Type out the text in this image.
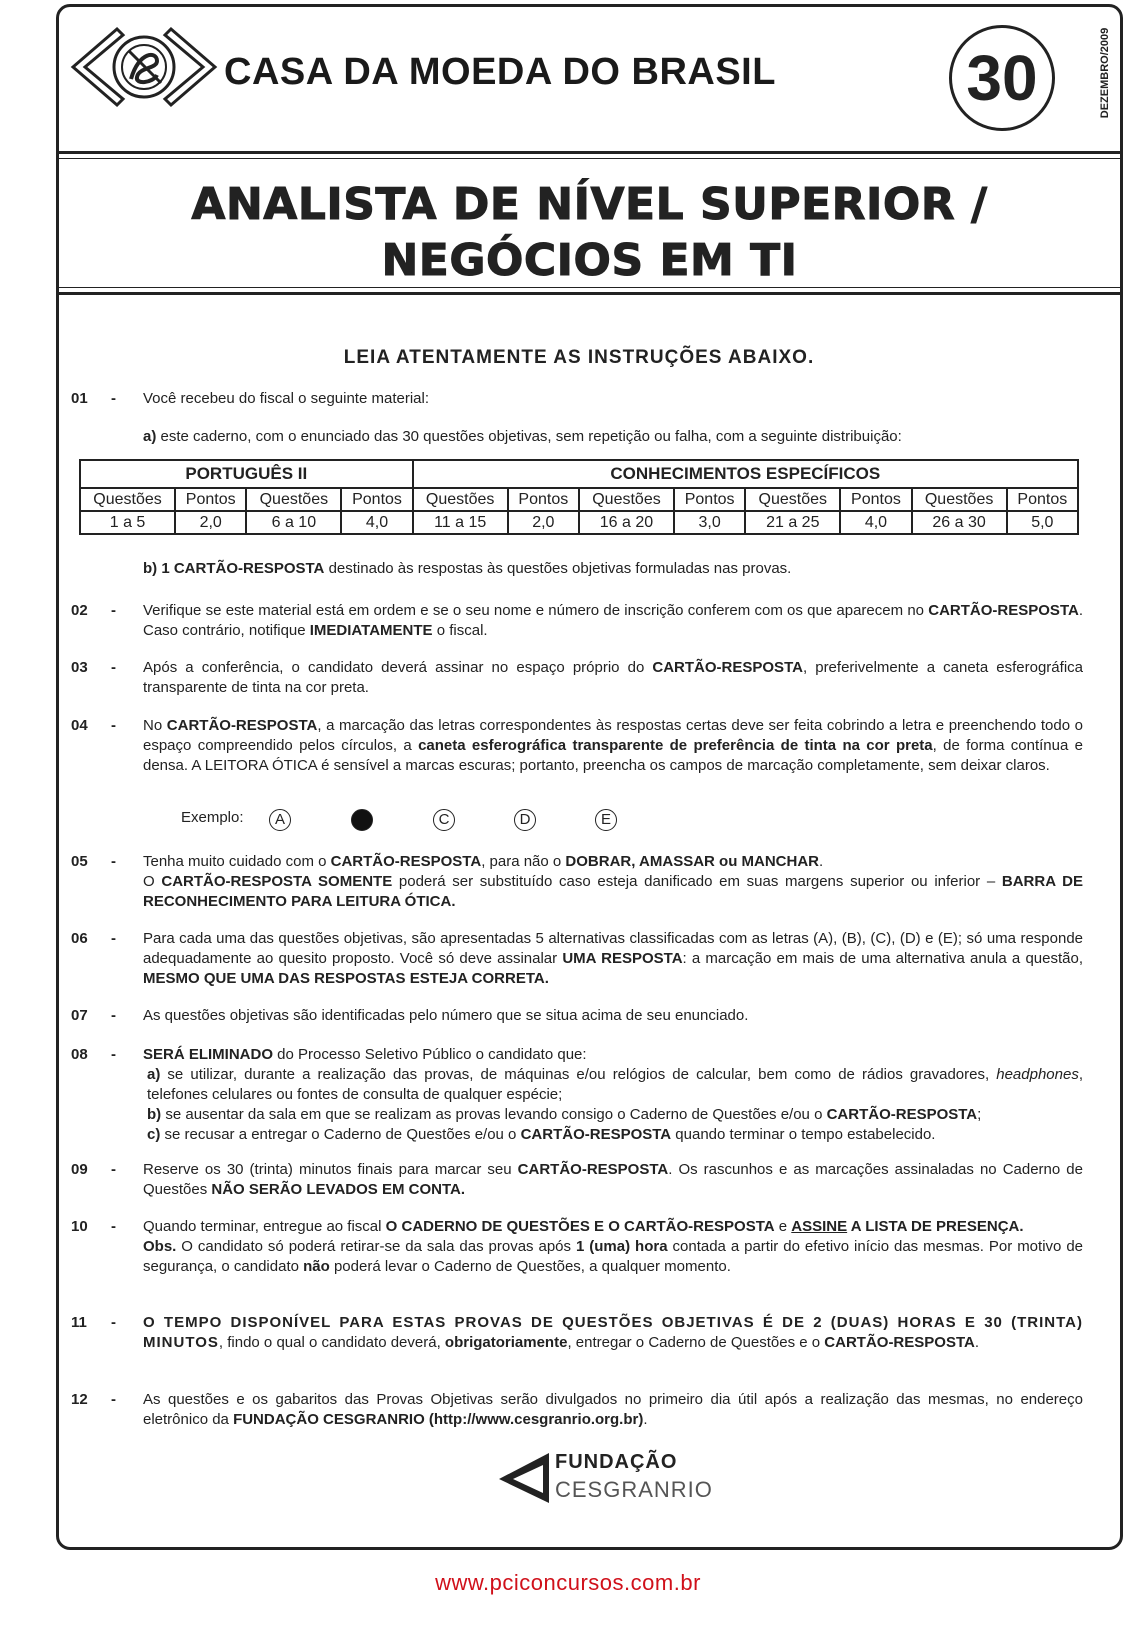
CASA DA MOEDA DO BRASIL	30	DEZEMBRO/2009
ANALISTA DE NÍVEL SUPERIOR /
NEGÓCIOS EM TI
LEIA ATENTAMENTE AS INSTRUÇÕES ABAIXO.
01 - Você recebeu do fiscal o seguinte material:
a) este caderno, com o enunciado das 30 questões objetivas, sem repetição ou falha, com a seguinte distribuição:
PORTUGUÊS II				CONHECIMENTOS ESPECÍFICOS							
Questões	Pontos	Questões	Pontos	Questões	Pontos	Questões	Pontos	Questões	Pontos	Questões	Pontos
1 a 5	2,0	6 a 10	4,0	11 a 15	2,0	16 a 20	3,0	21 a 25	4,0	26 a 30	5,0
b) 1 CARTÃO-RESPOSTA destinado às respostas às questões objetivas formuladas nas provas.
02 - Verifique se este material está em ordem e se o seu nome e número de inscrição conferem com os que aparecem no CARTÃO-RESPOSTA. Caso contrário, notifique IMEDIATAMENTE o fiscal.
03 - Após a conferência, o candidato deverá assinar no espaço próprio do CARTÃO-RESPOSTA, preferivelmente a caneta esferográfica transparente de tinta na cor preta.
04 - No CARTÃO-RESPOSTA, a marcação das letras correspondentes às respostas certas deve ser feita cobrindo a letra e preenchendo todo o espaço compreendido pelos círculos, a caneta esferográfica transparente de preferência de tinta na cor preta, de forma contínua e densa. A LEITORA ÓTICA é sensível a marcas escuras; portanto, preencha os campos de marcação completamente, sem deixar claros.
Exemplo:	A	C	D	E
05 - Tenha muito cuidado com o CARTÃO-RESPOSTA, para não o DOBRAR, AMASSAR ou MANCHAR.
O CARTÃO-RESPOSTA SOMENTE poderá ser substituído caso esteja danificado em suas margens superior ou inferior – BARRA DE RECONHECIMENTO PARA LEITURA ÓTICA.
06 - Para cada uma das questões objetivas, são apresentadas 5 alternativas classificadas com as letras (A), (B), (C), (D) e (E); só uma responde adequadamente ao quesito proposto. Você só deve assinalar UMA RESPOSTA: a marcação em mais de uma alternativa anula a questão, MESMO QUE UMA DAS RESPOSTAS ESTEJA CORRETA.
07 - As questões objetivas são identificadas pelo número que se situa acima de seu enunciado.
08 - SERÁ ELIMINADO do Processo Seletivo Público o candidato que:
a) se utilizar, durante a realização das provas, de máquinas e/ou relógios de calcular, bem como de rádios gravadores, headphones, telefones celulares ou fontes de consulta de qualquer espécie;
b) se ausentar da sala em que se realizam as provas levando consigo o Caderno de Questões e/ou o CARTÃO-RESPOSTA;
c) se recusar a entregar o Caderno de Questões e/ou o CARTÃO-RESPOSTA quando terminar o tempo estabelecido.
09 - Reserve os 30 (trinta) minutos finais para marcar seu CARTÃO-RESPOSTA. Os rascunhos e as marcações assinaladas no Caderno de Questões NÃO SERÃO LEVADOS EM CONTA.
10 - Quando terminar, entregue ao fiscal O CADERNO DE QUESTÕES E O CARTÃO-RESPOSTA e ASSINE A LISTA DE PRESENÇA.
Obs. O candidato só poderá retirar-se da sala das provas após 1 (uma) hora contada a partir do efetivo início das mesmas. Por motivo de segurança, o candidato não poderá levar o Caderno de Questões, a qualquer momento.
11 - O TEMPO DISPONÍVEL PARA ESTAS PROVAS DE QUESTÕES OBJETIVAS É DE 2 (DUAS) HORAS E 30 (TRINTA) MINUTOS, findo o qual o candidato deverá, obrigatoriamente, entregar o Caderno de Questões e o CARTÃO-RESPOSTA.
12 - As questões e os gabaritos das Provas Objetivas serão divulgados no primeiro dia útil após a realização das mesmas, no endereço eletrônico da FUNDAÇÃO CESGRANRIO (http://www.cesgranrio.org.br).
FUNDAÇÃO
CESGRANRIO
www.pciconcursos.com.br
